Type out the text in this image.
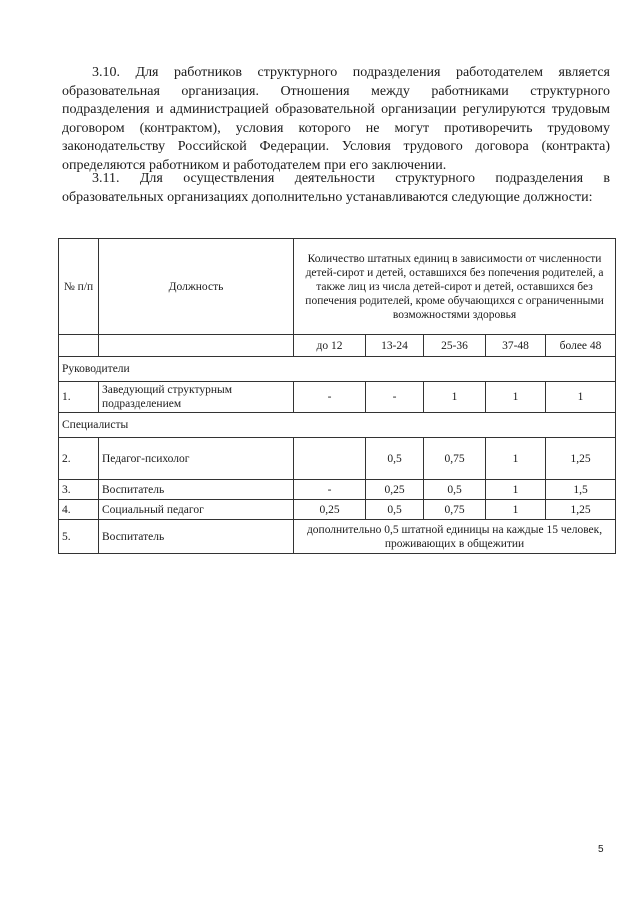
3.10. Для работников структурного подразделения работодателем является образовательная организация. Отношения между работниками структурного подразделения и администрацией образовательной организации регулируются трудовым договором (контрактом), условия которого не могут противоречить трудовому законодательству Российской Федерации. Условия трудового договора (контракта) определяются работником и работодателем при его заключении.

3.11. Для осуществления деятельности структурного подразделения в образовательных организациях дополнительно устанавливаются следующие должности:

№ п/п	Должность	Количество штатных единиц в зависимости от численности детей-сирот и детей, оставшихся без попечения родителей, а также лиц из числа детей-сирот и детей, оставшихся без попечения родителей, кроме обучающихся с ограниченными возможностями здоровья				
		до 12	13-24	25-36	37-48	более 48
Руководители						
1.	Заведующий структурным подразделением	-	-	1	1	1
Специалисты						
2.	Педагог-психолог		0,5	0,75	1	1,25
3.	Воспитатель	-	0,25	0,5	1	1,5
4.	Социальный педагог	0,25	0,5	0,75	1	1,25
5.	Воспитатель	дополнительно 0,5 штатной единицы на каждые 15 человек, проживающих в общежитии				
5
